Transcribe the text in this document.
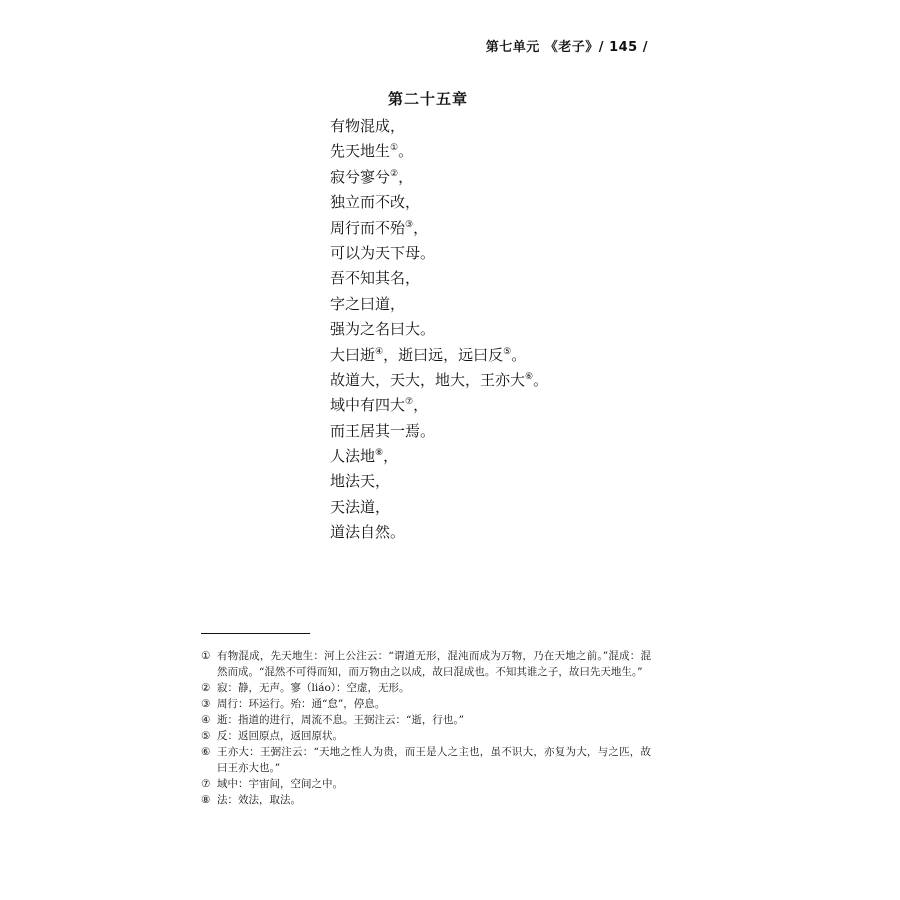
第七单元 《老子》/ 145 /
第二十五章
有物混成，
先天地生①。
寂兮寥兮②，
独立而不改，
周行而不殆③，
可以为天下母。
吾不知其名，
字之曰道，
强为之名曰大。
大曰逝④，逝曰远，远曰反⑤。
故道大，天大，地大，王亦大⑥。
域中有四大⑦，
而王居其一焉。
人法地⑧，
地法天，
天法道，
道法自然。
① 有物混成，先天地生：河上公注云：“谓道无形，混沌而成为万物，乃在天地之前。”混成：混然而成。“混然不可得而知，而万物由之以成，故曰混成也。不知其谁之子，故曰先天地生。”
② 寂：静，无声。寥（liáo）：空虚，无形。
③ 周行：环运行。殆：通“怠”，停息。
④ 逝：指道的进行，周流不息。王弼注云：“逝，行也。”
⑤ 反：返回原点，返回原状。
⑥ 王亦大：王弼注云：“天地之性人为贵，而王是人之主也，虽不识大，亦复为大，与之匹，故曰王亦大也。”
⑦ 域中：宇宙间，空间之中。
⑧ 法：效法，取法。
